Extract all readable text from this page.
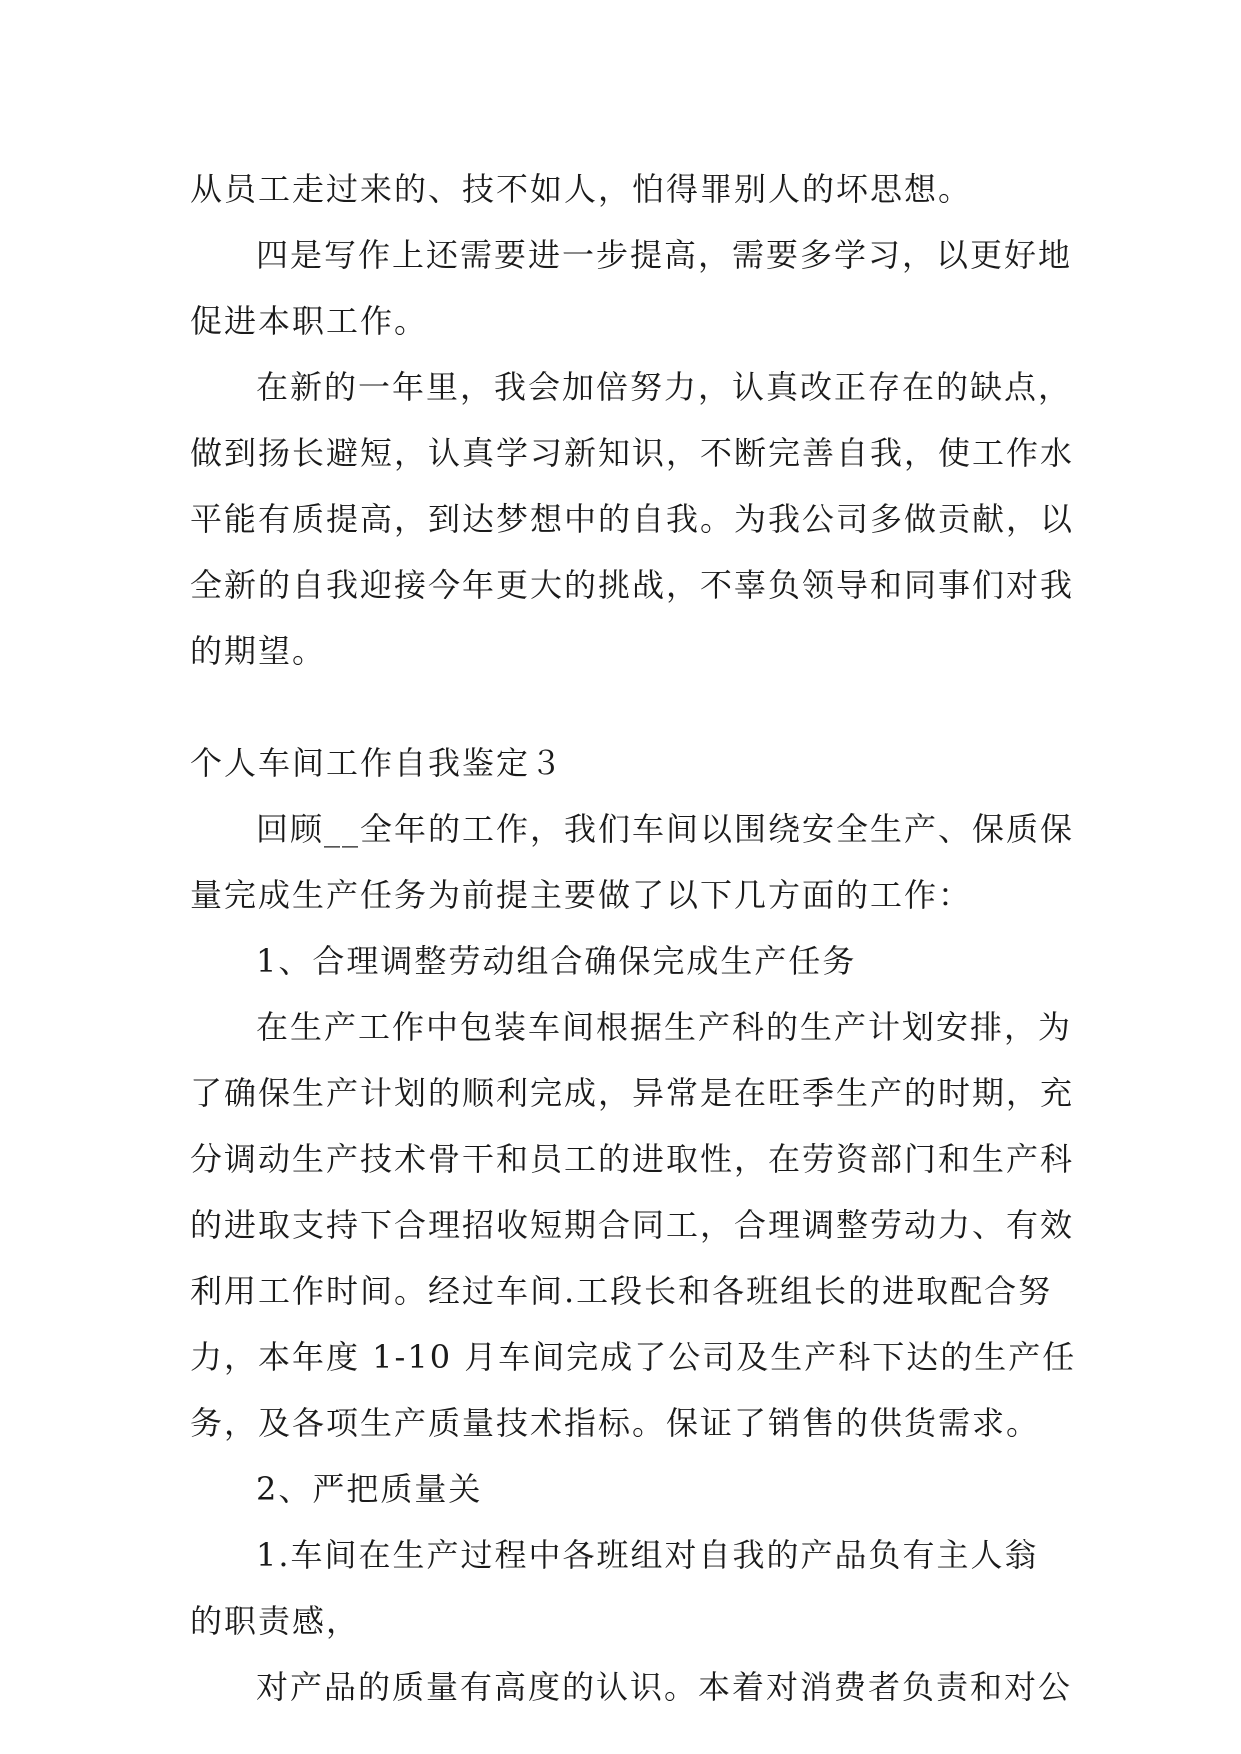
从员工走过来的、技不如人，怕得罪别人的坏思想。
四是写作上还需要进一步提高，需要多学习，以更好地
促进本职工作。
在新的一年里，我会加倍努力，认真改正存在的缺点，
做到扬长避短，认真学习新知识，不断完善自我，使工作水
平能有质提高，到达梦想中的自我。为我公司多做贡献，以
全新的自我迎接今年更大的挑战，不辜负领导和同事们对我
的期望。
个人车间工作自我鉴定３
回顾__全年的工作，我们车间以围绕安全生产、保质保
量完成生产任务为前提主要做了以下几方面的工作：
1、合理调整劳动组合确保完成生产任务
在生产工作中包装车间根据生产科的生产计划安排，为
了确保生产计划的顺利完成，异常是在旺季生产的时期，充
分调动生产技术骨干和员工的进取性，在劳资部门和生产科
的进取支持下合理招收短期合同工，合理调整劳动力、有效
利用工作时间。经过车间.工段长和各班组长的进取配合努
力，本年度 1-10 月车间完成了公司及生产科下达的生产任
务，及各项生产质量技术指标。保证了销售的供货需求。
2、严把质量关
1.车间在生产过程中各班组对自我的产品负有主人翁
的职责感，
对产品的质量有高度的认识。本着对消费者负责和对公
